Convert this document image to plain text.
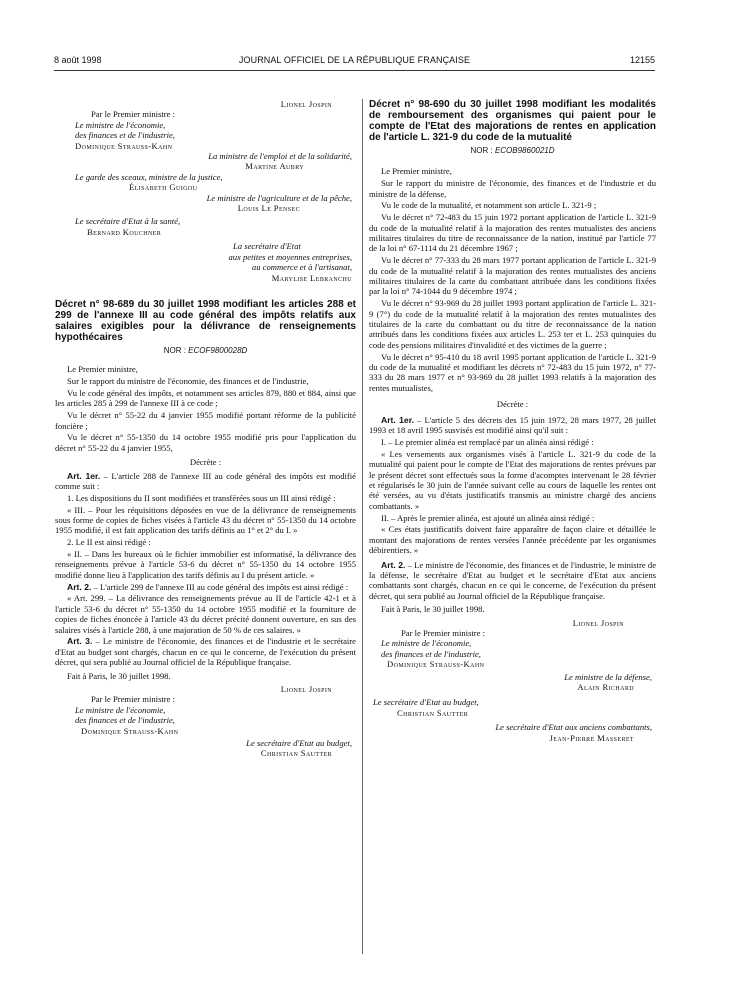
8 août 1998	JOURNAL OFFICIEL DE LA RÉPUBLIQUE FRANÇAISE	12155

Lionel Jospin

Par le Premier ministre :

Le ministre de l'économie,

des finances et de l'industrie,

Dominique Strauss-Kahn

La ministre de l'emploi et de la solidarité,

Martine Aubry

Le garde des sceaux, ministre de la justice,

Élisabeth Guigou

Le ministre de l'agriculture et de la pêche,

Louis Le Pensec

Le secrétaire d'Etat à la santé,

Bernard Kouchner

La secrétaire d'Etat

aux petites et moyennes entreprises,

au commerce et à l'artisanat,

Marylise Lebranchu

Décret n° 98-689 du 30 juillet 1998 modifiant les articles 288 et 299 de l'annexe III au code général des impôts relatifs aux salaires exigibles pour la délivrance de renseignements hypothécaires

NOR : ECOF9800028D

Le Premier ministre,

Sur le rapport du ministre de l'économie, des finances et de l'industrie,

Vu le code général des impôts, et notamment ses articles 879, 880 et 884, ainsi que les articles 285 à 299 de l'annexe III à ce code ;

Vu le décret n° 55-22 du 4 janvier 1955 modifié portant réforme de la publicité foncière ;

Vu le décret n° 55-1350 du 14 octobre 1955 modifié pris pour l'application du décret n° 55-22 du 4 janvier 1955,

Décrète :

Art. 1er. – L'article 288 de l'annexe III au code général des impôts est modifié comme suit :

1. Les dispositions du II sont modifiées et transférées sous un III ainsi rédigé :

« III. – Pour les réquisitions déposées en vue de la délivrance de renseignements sous forme de copies de fiches visées à l'article 43 du décret n° 55-1350 du 14 octobre 1955 modifié, il est fait application des tarifs définis au 1° et 2° du I. »

2. Le II est ainsi rédigé :

« II. – Dans les bureaux où le fichier immobilier est informatisé, la délivrance des renseignements prévue à l'article 53-6 du décret n° 55-1350 du 14 octobre 1955 modifié donne lieu à l'application des tarifs définis au I du présent article. »

Art. 2. – L'article 299 de l'annexe III au code général des impôts est ainsi rédigé :

« Art. 299. – La délivrance des renseignements prévue au II de l'article 42-1 et à l'article 53-6 du décret n° 55-1350 du 14 octobre 1955 modifié et la fourniture de copies de fiches énoncée à l'article 43 du décret précité donnent ouverture, en sus des salaires visés à l'article 288, à une majoration de 50 % de ces salaires. »

Art. 3. – Le ministre de l'économie, des finances et de l'industrie et le secrétaire d'Etat au budget sont chargés, chacun en ce qui le concerne, de l'exécution du présent décret, qui sera publié au Journal officiel de la République française.

Fait à Paris, le 30 juillet 1998.

Lionel Jospin

Par le Premier ministre :

Le ministre de l'économie,

des finances et de l'industrie,

Dominique Strauss-Kahn

Le secrétaire d'Etat au budget,

Christian Sautter

Décret n° 98-690 du 30 juillet 1998 modifiant les modalités de remboursement des organismes qui paient pour le compte de l'Etat des majorations de rentes en application de l'article L. 321-9 du code de la mutualité

NOR : ECOB9860021D

Le Premier ministre,

Sur le rapport du ministre de l'économie, des finances et de l'industrie et du ministre de la défense,

Vu le code de la mutualité, et notamment son article L. 321-9 ;

Vu le décret n° 72-483 du 15 juin 1972 portant application de l'article L. 321-9 du code de la mutualité relatif à la majoration des rentes mutualistes des anciens militaires titulaires du titre de reconnaissance de la nation, institué par l'article 77 de la loi n° 67-1114 du 21 décembre 1967 ;

Vu le décret n° 77-333 du 28 mars 1977 portant application de l'article L. 321-9 du code de la mutualité relatif à la majoration des rentes mutualistes des anciens militaires titulaires de la carte du combattant attribuée dans les conditions fixées par la loi n° 74-1044 du 9 décembre 1974 ;

Vu le décret n° 93-969 du 28 juillet 1993 portant application de l'article L. 321-9 (7°) du code de la mutualité relatif à la majoration des rentes mutualistes des titulaires de la carte du combattant ou du titre de reconnaissance de la nation attribués dans les conditions fixées aux articles L. 253 ter et L. 253 quinquies du code des pensions militaires d'invalidité et des victimes de la guerre ;

Vu le décret n° 95-410 du 18 avril 1995 portant application de l'article L. 321-9 du code de la mutualité et modifiant les décrets n° 72-483 du 15 juin 1972, n° 77-333 du 28 mars 1977 et n° 93-969 du 28 juillet 1993 relatifs à la majoration des rentes mutualistes,

Décrète :

Art. 1er. – L'article 5 des décrets des 15 juin 1972, 28 mars 1977, 28 juillet 1993 et 18 avril 1995 susvisés est modifié ainsi qu'il suit :

I. – Le premier alinéa est remplacé par un alinéa ainsi rédigé :

« Les versements aux organismes visés à l'article L. 321-9 du code de la mutualité qui paient pour le compte de l'Etat des majorations de rentes prévues par le présent décret sont effectués sous la forme d'acomptes intervenant le 28 février et régularisés le 30 juin de l'année suivant celle au cours de laquelle les rentes ont été versées, au vu d'états justificatifs transmis au ministre chargé des anciens combattants. »

II. – Après le premier alinéa, est ajouté un alinéa ainsi rédigé :

« Ces états justificatifs doivent faire apparaître de façon claire et détaillée le montant des majorations de rentes versées l'année précédente par les organismes débirentiers. »

Art. 2. – Le ministre de l'économie, des finances et de l'industrie, le ministre de la défense, le secrétaire d'Etat au budget et le secrétaire d'Etat aux anciens combattants sont chargés, chacun en ce qui le concerne, de l'exécution du présent décret, qui sera publié au Journal officiel de la République française.

Fait à Paris, le 30 juillet 1998.

Lionel Jospin

Par le Premier ministre :

Le ministre de l'économie,

des finances et de l'industrie,

Dominique Strauss-Kahn

Le ministre de la défense,

Alain Richard

Le secrétaire d'Etat au budget,

Christian Sautter

Le secrétaire d'Etat aux anciens combattants,

Jean-Pierre Masseret
